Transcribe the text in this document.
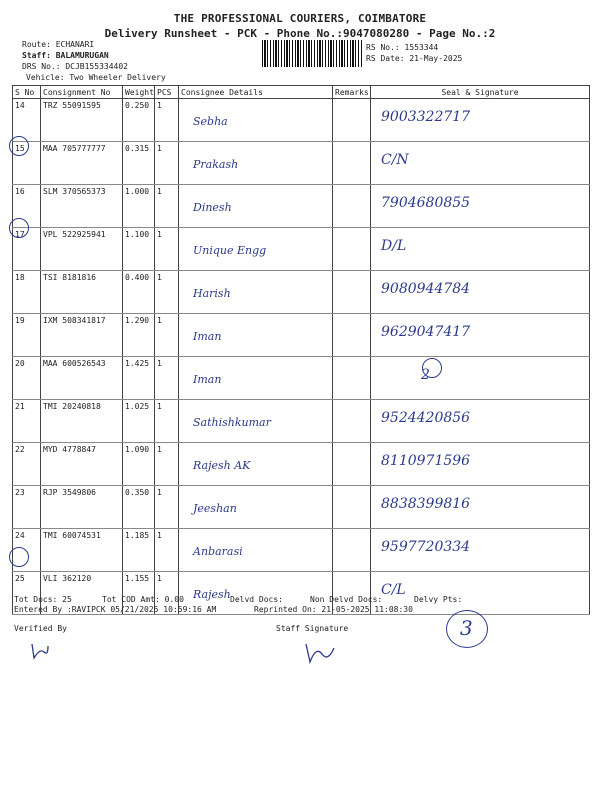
THE PROFESSIONAL COURIERS, COIMBATORE
Delivery Runsheet - PCK - Phone No.:9047080280 - Page No.:2
Route: ECHANARI
Staff: BALAMURUGAN
DRS No.: DCJB155334402
Vehicle: Two Wheeler Delivery
RS No.: 1553344
RS Date: 21-May-2025
S No	Consignment No	Weight	PCS	Consignee Details	Remarks	Seal & Signature
14	TRZ 55091595	0.250	1	Sebha		9003322717

15	MAA 705777777	0.315	1	Prakash		C/N

16	SLM 370565373	1.000	1	Dinesh		7904680855

17	VPL 522925941	1.100	1	Unique Engg		D/L

18	TSI 8181816	0.400	1	Harish		9080944784

19	IXM 508341817	1.290	1	Iman		9629047417

20	MAA 600526543	1.425	1	Iman		2

21	TMI 20240818	1.025	1	Sathishkumar		9524420856

22	MYD 4778847	1.090	1	Rajesh AK		8110971596

23	RJP 3549806	0.350	1	Jeeshan		8838399816

24	TMI 60074531	1.185	1	Anbarasi		9597720334

25	VLI 362120	1.155	1	Rajesh		C/L
Tot Docs: 25	Tot COD Amt: 0.00	Delvd Docs:	Non Delvd Docs:	Delvy Pts:
Entered By :RAVIPCK 05/21/2025 10:59:16 AM	Reprinted On: 21-05-2025 11:08:30
Verified By	Staff Signature	3
